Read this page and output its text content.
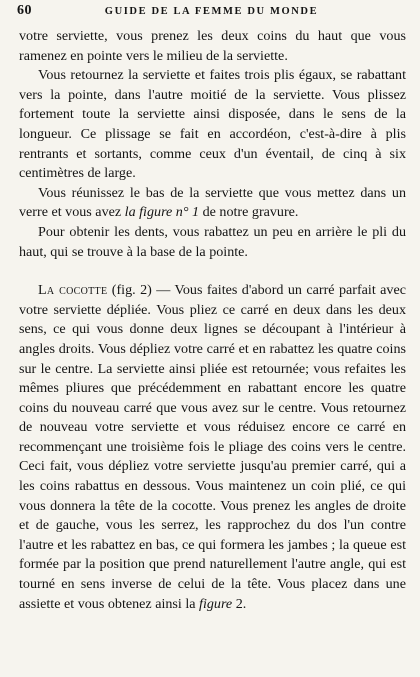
60	GUIDE DE LA FEMME DU MONDE

votre serviette, vous prenez les deux coins du haut que vous ramenez en pointe vers le milieu de la serviette.

Vous retournez la serviette et faites trois plis égaux, se rabattant vers la pointe, dans l'autre moitié de la serviette. Vous plissez fortement toute la serviette ainsi disposée, dans le sens de la longueur. Ce plissage se fait en accordéon, c'est-à-dire à plis rentrants et sortants, comme ceux d'un éventail, de cinq à six centimètres de large.

Vous réunissez le bas de la serviette que vous mettez dans un verre et vous avez la figure n° 1 de notre gravure.

Pour obtenir les dents, vous rabattez un peu en arrière le pli du haut, qui se trouve à la base de la pointe.

La cocotte (fig. 2) — Vous faites d'abord un carré parfait avec votre serviette dépliée. Vous pliez ce carré en deux dans les deux sens, ce qui vous donne deux lignes se découpant à l'intérieur à angles droits. Vous dépliez votre carré et en rabattez les quatre coins sur le centre. La serviette ainsi pliée est retournée; vous refaites les mêmes pliures que précédemment en rabattant encore les quatre coins du nouveau carré que vous avez sur le centre. Vous retournez de nouveau votre serviette et vous réduisez encore ce carré en recommençant une troisième fois le pliage des coins vers le centre. Ceci fait, vous dépliez votre serviette jusqu'au premier carré, qui a les coins rabattus en dessous. Vous maintenez un coin plié, ce qui vous donnera la tête de la cocotte. Vous prenez les angles de droite et de gauche, vous les serrez, les rapprochez du dos l'un contre l'autre et les rabattez en bas, ce qui formera les jambes ; la queue est formée par la position que prend naturellement l'autre angle, qui est tourné en sens inverse de celui de la tête. Vous placez dans une assiette et vous obtenez ainsi la figure 2.
